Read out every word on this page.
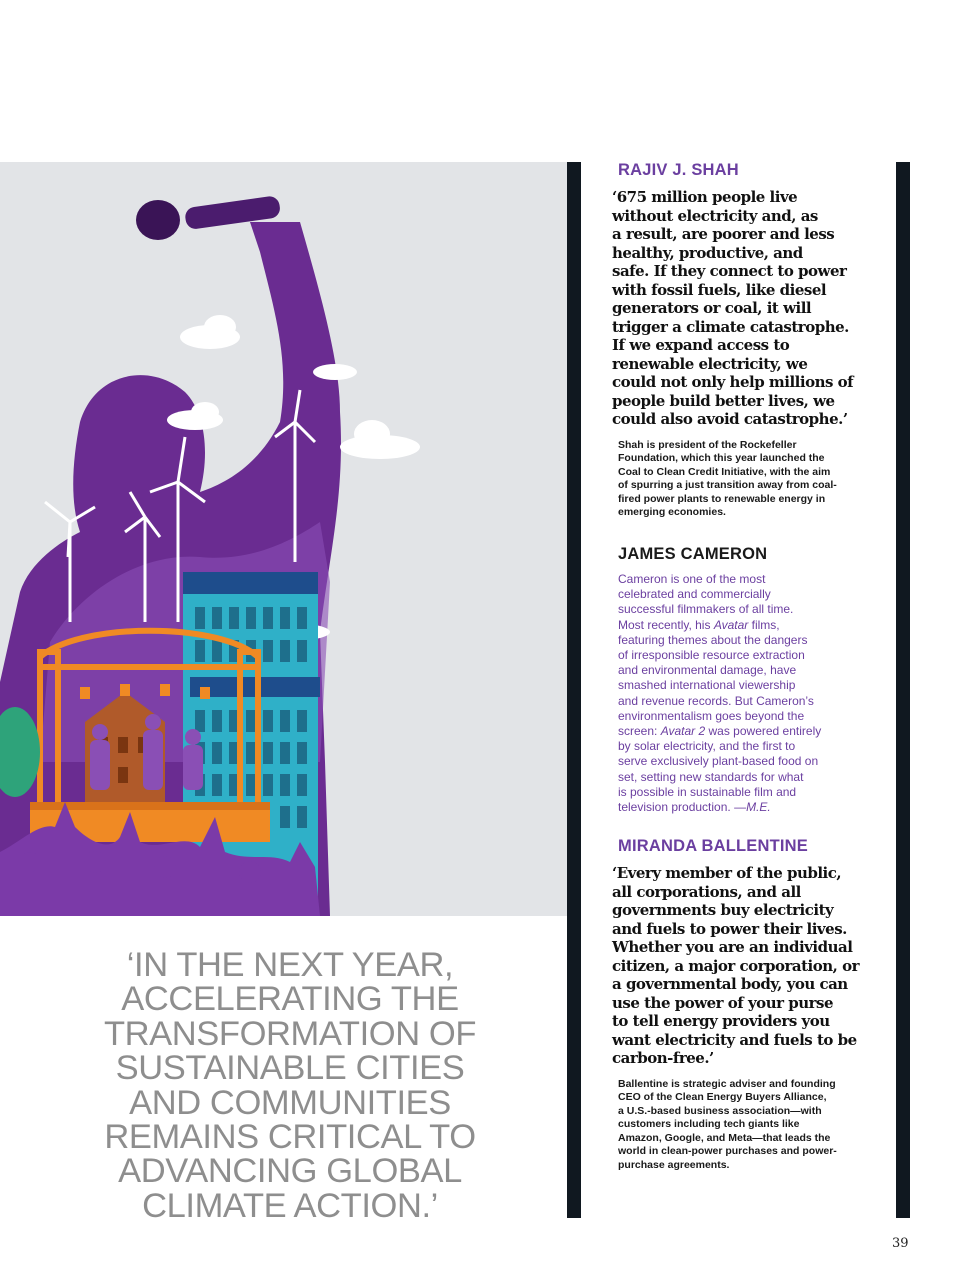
‘IN THE NEXT YEAR,
ACCELERATING THE
TRANSFORMATION OF
SUSTAINABLE CITIES
AND COMMUNITIES
REMAINS CRITICAL TO
ADVANCING GLOBAL
CLIMATE ACTION.’
RAJIV J. SHAH
‘675 million people live
without electricity and, as
a result, are poorer and less
healthy, productive, and
safe. If they connect to power
with fossil fuels, like diesel
generators or coal, it will
trigger a climate catastrophe.
If we expand access to
renewable electricity, we
could not only help millions of
people build better lives, we
could also avoid catastrophe.’
Shah is president of the Rockefeller
Foundation, which this year launched the
Coal to Clean Credit Initiative, with the aim
of spurring a just transition away from coal-
fired power plants to renewable energy in
emerging economies.
JAMES CAMERON
Cameron is one of the most
celebrated and commercially
successful filmmakers of all time.
Most recently, his Avatar films,
featuring themes about the dangers
of irresponsible resource extraction
and environmental damage, have
smashed international viewership
and revenue records. But Cameron’s
environmentalism goes beyond the
screen: Avatar 2 was powered entirely
by solar electricity, and the first to
serve exclusively plant-based food on
set, setting new standards for what
is possible in sustainable film and
television production. —M.E.
MIRANDA BALLENTINE
‘Every member of the public,
all corporations, and all
governments buy electricity
and fuels to power their lives.
Whether you are an individual
citizen, a major corporation, or
a governmental body, you can
use the power of your purse
to tell energy providers you
want electricity and fuels to be
carbon-free.’
Ballentine is strategic adviser and founding
CEO of the Clean Energy Buyers Alliance,
a U.S.-based business association—with
customers including tech giants like
Amazon, Google, and Meta—that leads the
world in clean-power purchases and power-
purchase agreements.
39
